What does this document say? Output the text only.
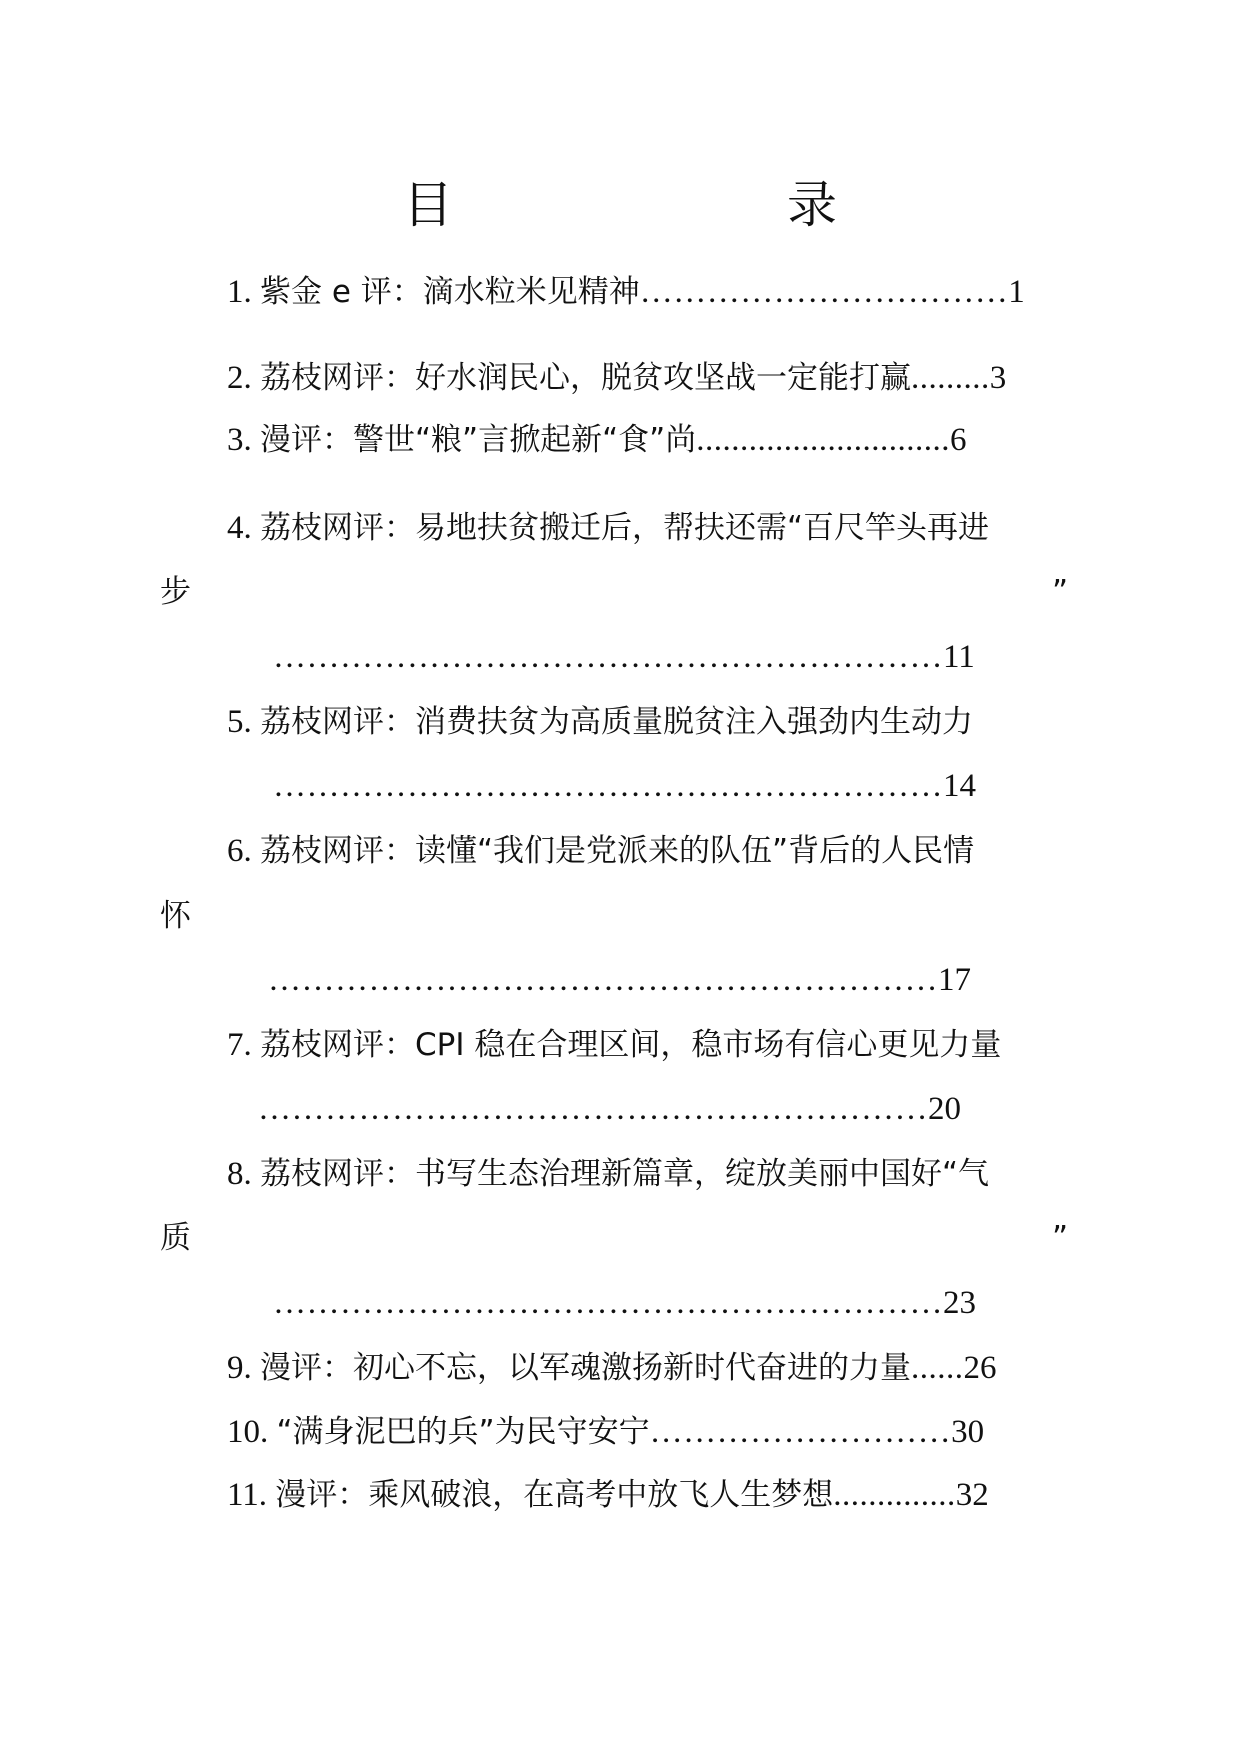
目　　录
1. 紫金 e 评：滴水粒米见精神……………………………1
2. 荔枝网评：好水润民心，脱贫攻坚战一定能打赢.........3
3. 漫评：警世“粮”言掀起新“食”尚.............................6
4. 荔枝网评：易地扶贫搬迁后，帮扶还需“百尺竿头再进
步	”
……………………………………………………11
5. 荔枝网评：消费扶贫为高质量脱贫注入强劲内生动力
……………………………………………………14
6. 荔枝网评：读懂“我们是党派来的队伍”背后的人民情
怀
……………………………………………………17
7. 荔枝网评：CPI 稳在合理区间，稳市场有信心更见力量
……………………………………………………20
8. 荔枝网评：书写生态治理新篇章，绽放美丽中国好“气
质	”
……………………………………………………23
9. 漫评：初心不忘，以军魂激扬新时代奋进的力量......26
10. “满身泥巴的兵”为民守安宁………………………30
11. 漫评：乘风破浪，在高考中放飞人生梦想..............32
